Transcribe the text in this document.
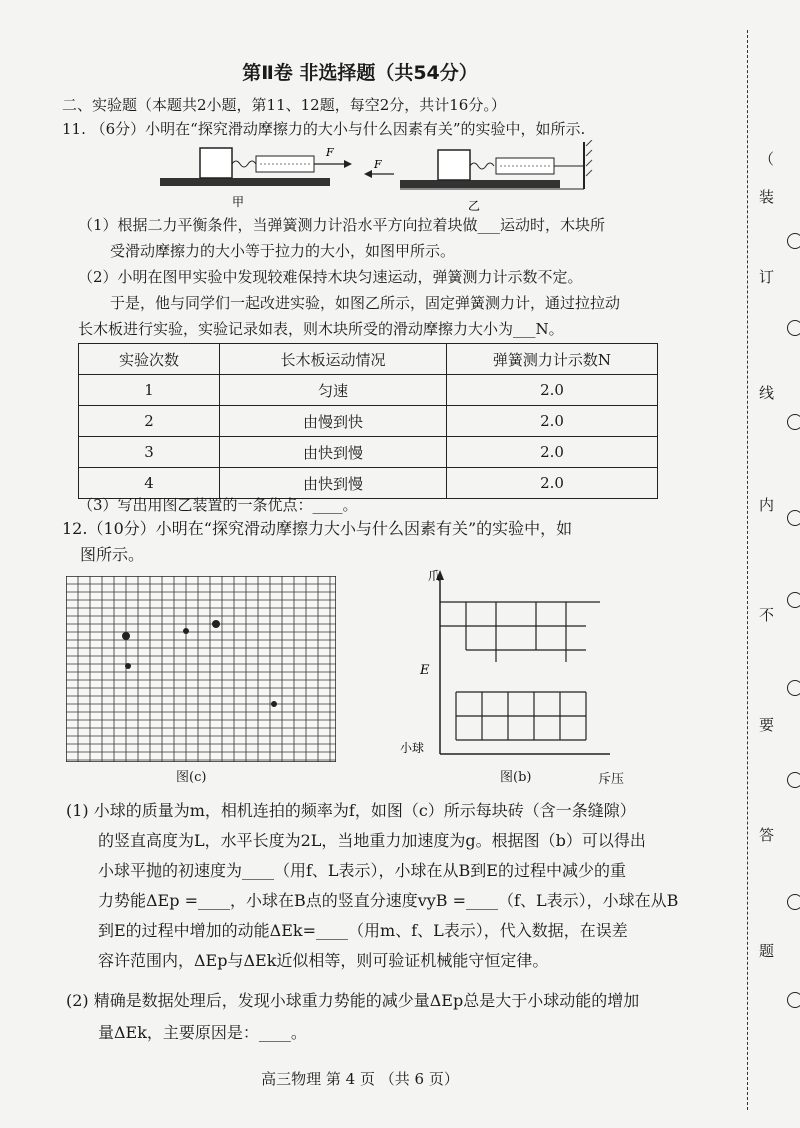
第Ⅱ卷 非选择题（共54分）
二、实验题（本题共2小题，第11、12题，每空2分，共计16分。）
11. （6分）小明在“探究滑动摩擦力的大小与什么因素有关”的实验中，如所示.
F
甲
F
乙
（1）根据二力平衡条件，当弹簧测力计沿水平方向拉着块做___运动时，木块所
受滑动摩擦力的大小等于拉力的大小，如图甲所示。
（2）小明在图甲实验中发现较难保持木块匀速运动，弹簧测力计示数不定。
于是，他与同学们一起改进实验，如图乙所示，固定弹簧测力计，通过拉拉动
长木板进行实验，实验记录如表，则木块所受的滑动摩擦力大小为___N。
实验次数	长木板运动情况	弹簧测力计示数N
1	匀速	2.0
2	由慢到快	2.0
3	由快到慢	2.0
4	由快到慢	2.0
（3）写出用图乙装置的一条优点：____。
12.（10分）小明在“探究滑动摩擦力大小与什么因素有关”的实验中，如
图所示。
图(c)
爪
E
小球
图(b)	斥压
(1) 小球的质量为m，相机连拍的频率为f，如图（c）所示每块砖（含一条缝隙）
的竖直高度为L，水平长度为2L，当地重力加速度为g。根据图（b）可以得出
小球平抛的初速度为____（用f、L表示），小球在从B到E的过程中减少的重
力势能ΔEp =____，小球在B点的竖直分速度vyB =____（f、L表示），小球在从B
到E的过程中增加的动能ΔEk=____（用m、f、L表示），代入数据，在误差
容许范围内，ΔEp与ΔEk近似相等，则可验证机械能守恒定律。
(2) 精确是数据处理后，发现小球重力势能的减少量ΔEp总是大于小球动能的增加
量ΔEk，主要原因是：____。
高三物理 第 4 页 （共 6 页）
（
装
订
线
内
不
要
答
题
